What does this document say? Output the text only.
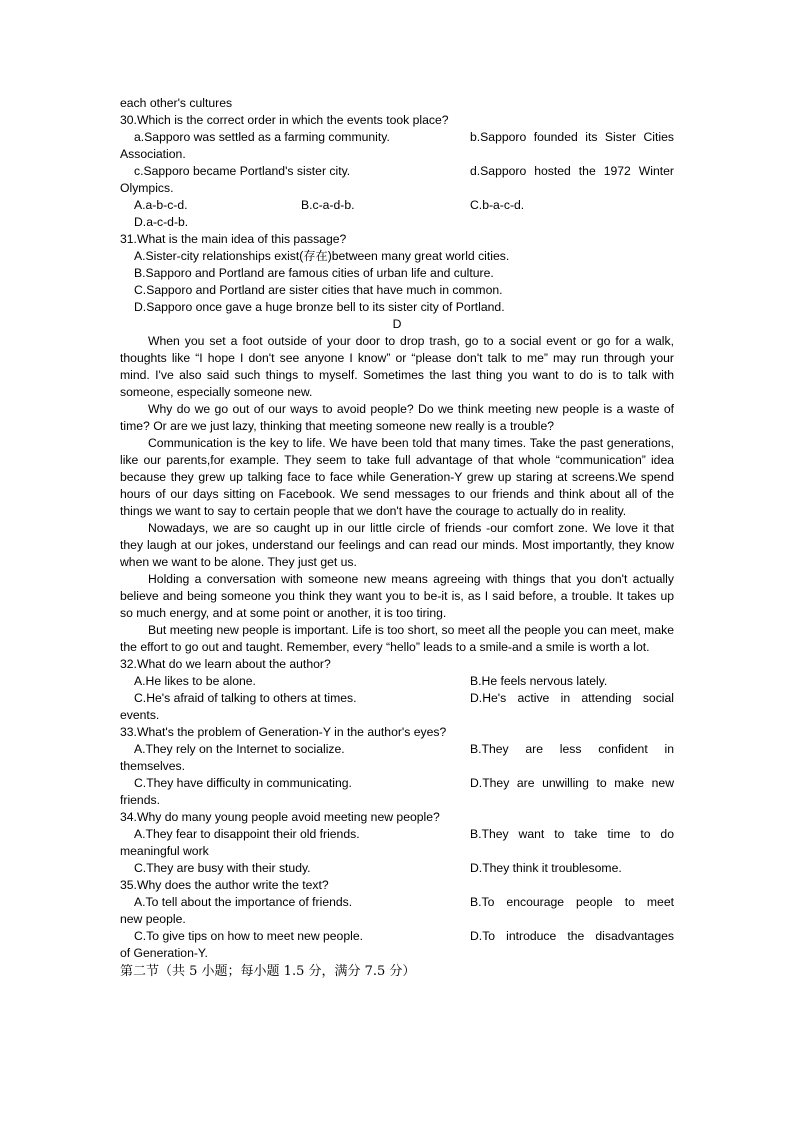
each other's cultures
30.Which is the correct order in which the events took place?
a.Sapporo was settled as a farming community.	b.Sapporo founded its Sister Cities
Association.
c.Sapporo became Portland's sister city.	d.Sapporo hosted the 1972 Winter
Olympics.
A.a-b-c-d.	B.c-a-d-b.	C.b-a-c-d.
D.a-c-d-b.
31.What is the main idea of this passage?
A.Sister-city relationships exist(存在)between many great world cities.
B.Sapporo and Portland are famous cities of urban life and culture.
C.Sapporo and Portland are sister cities that have much in common.
D.Sapporo once gave a huge bronze bell to its sister city of Portland.
D
When you set a foot outside of your door to drop trash, go to a social event or go for a walk, thoughts like “I hope I don't see anyone I know” or “please don't talk to me” may run through your mind. I've also said such things to myself. Sometimes the last thing you want to do is to talk with someone, especially someone new.
Why do we go out of our ways to avoid people? Do we think meeting new people is a waste of time? Or are we just lazy, thinking that meeting someone new really is a trouble?
Communication is the key to life. We have been told that many times. Take the past generations, like our parents,for example. They seem to take full advantage of that whole “communication” idea because they grew up talking face to face while Generation-Y grew up staring at screens.We spend hours of our days sitting on Facebook. We send messages to our friends and think about all of the things we want to say to certain people that we don't have the courage to actually do in reality.
Nowadays, we are so caught up in our little circle of friends -our comfort zone. We love it that they laugh at our jokes, understand our feelings and can read our minds. Most importantly, they know when we want to be alone. They just get us.
Holding a conversation with someone new means agreeing with things that you don't actually believe and being someone you think they want you to be-it is, as I said before, a trouble. It takes up so much energy, and at some point or another, it is too tiring.
But meeting new people is important. Life is too short, so meet all the people you can meet, make the effort to go out and taught. Remember, every “hello” leads to a smile-and a smile is worth a lot.
32.What do we learn about the author?
A.He likes to be alone.	B.He feels nervous lately.
C.He's afraid of talking to others at times.	D.He's active in attending social
events.
33.What's the problem of Generation-Y in the author's eyes?
A.They rely on the Internet to socialize.	B.They are less confident in
themselves.
C.They have difficulty in communicating.	D.They are unwilling to make new
friends.
34.Why do many young people avoid meeting new people?
A.They fear to disappoint their old friends.	B.They want to take time to do
meaningful work
C.They are busy with their study.	D.They think it troublesome.
35.Why does the author write the text?
A.To tell about the importance of friends.	B.To encourage people to meet
new people.
C.To give tips on how to meet new people.	D.To introduce the disadvantages
of Generation-Y.
第二节（共 5 小题；每小题 1.5 分，满分 7.5 分）
